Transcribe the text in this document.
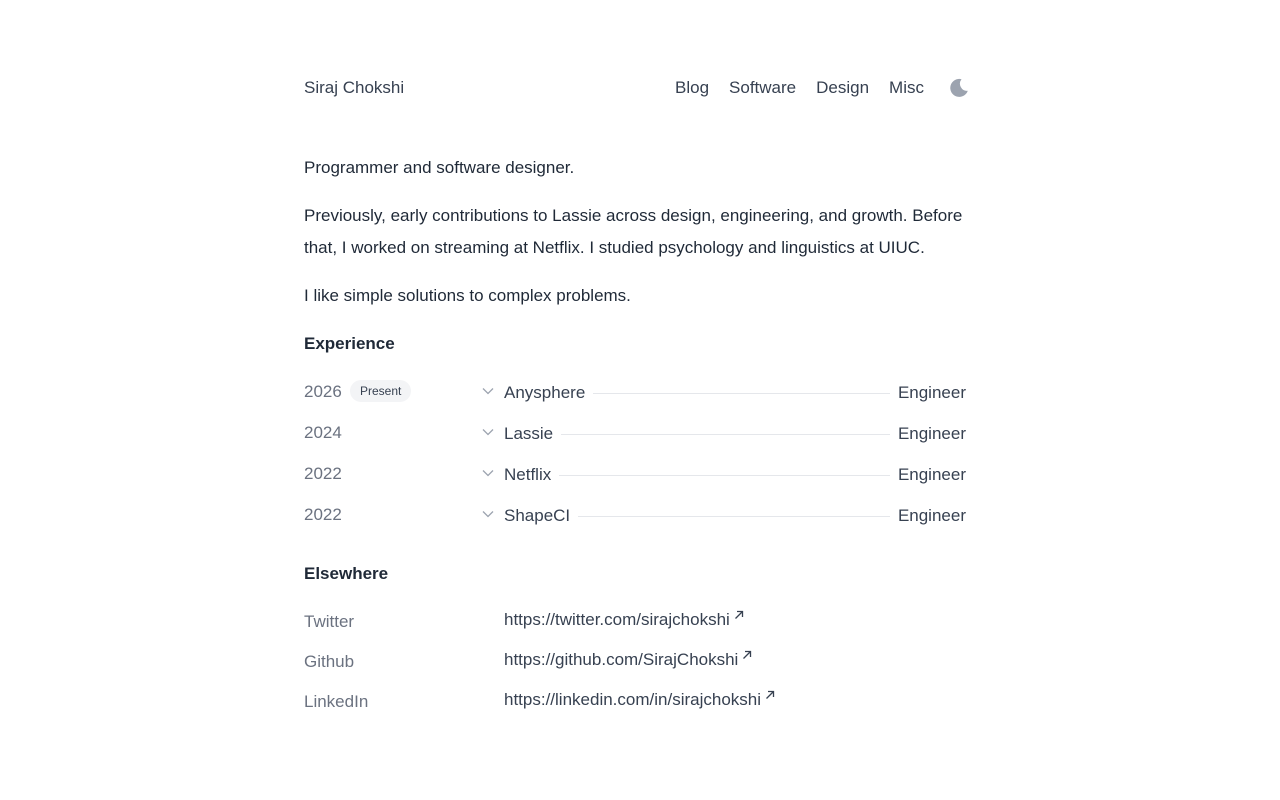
Siraj Chokshi	Blog Software Design Misc

Programmer and software designer.

Previously, early contributions to Lassie across design, engineering, and growth. Before that, I worked on streaming at Netflix. I studied psychology and linguistics at UIUC.

I like simple solutions to complex problems.

Experience
2026	Present	Anysphere	Engineer
2024	Lassie	Engineer
2022	Netflix	Engineer
2022	ShapeCI	Engineer
Elsewhere
Twitter	https://twitter.com/sirajchokshi
Github	https://github.com/SirajChokshi
LinkedIn	https://linkedin.com/in/sirajchokshi
